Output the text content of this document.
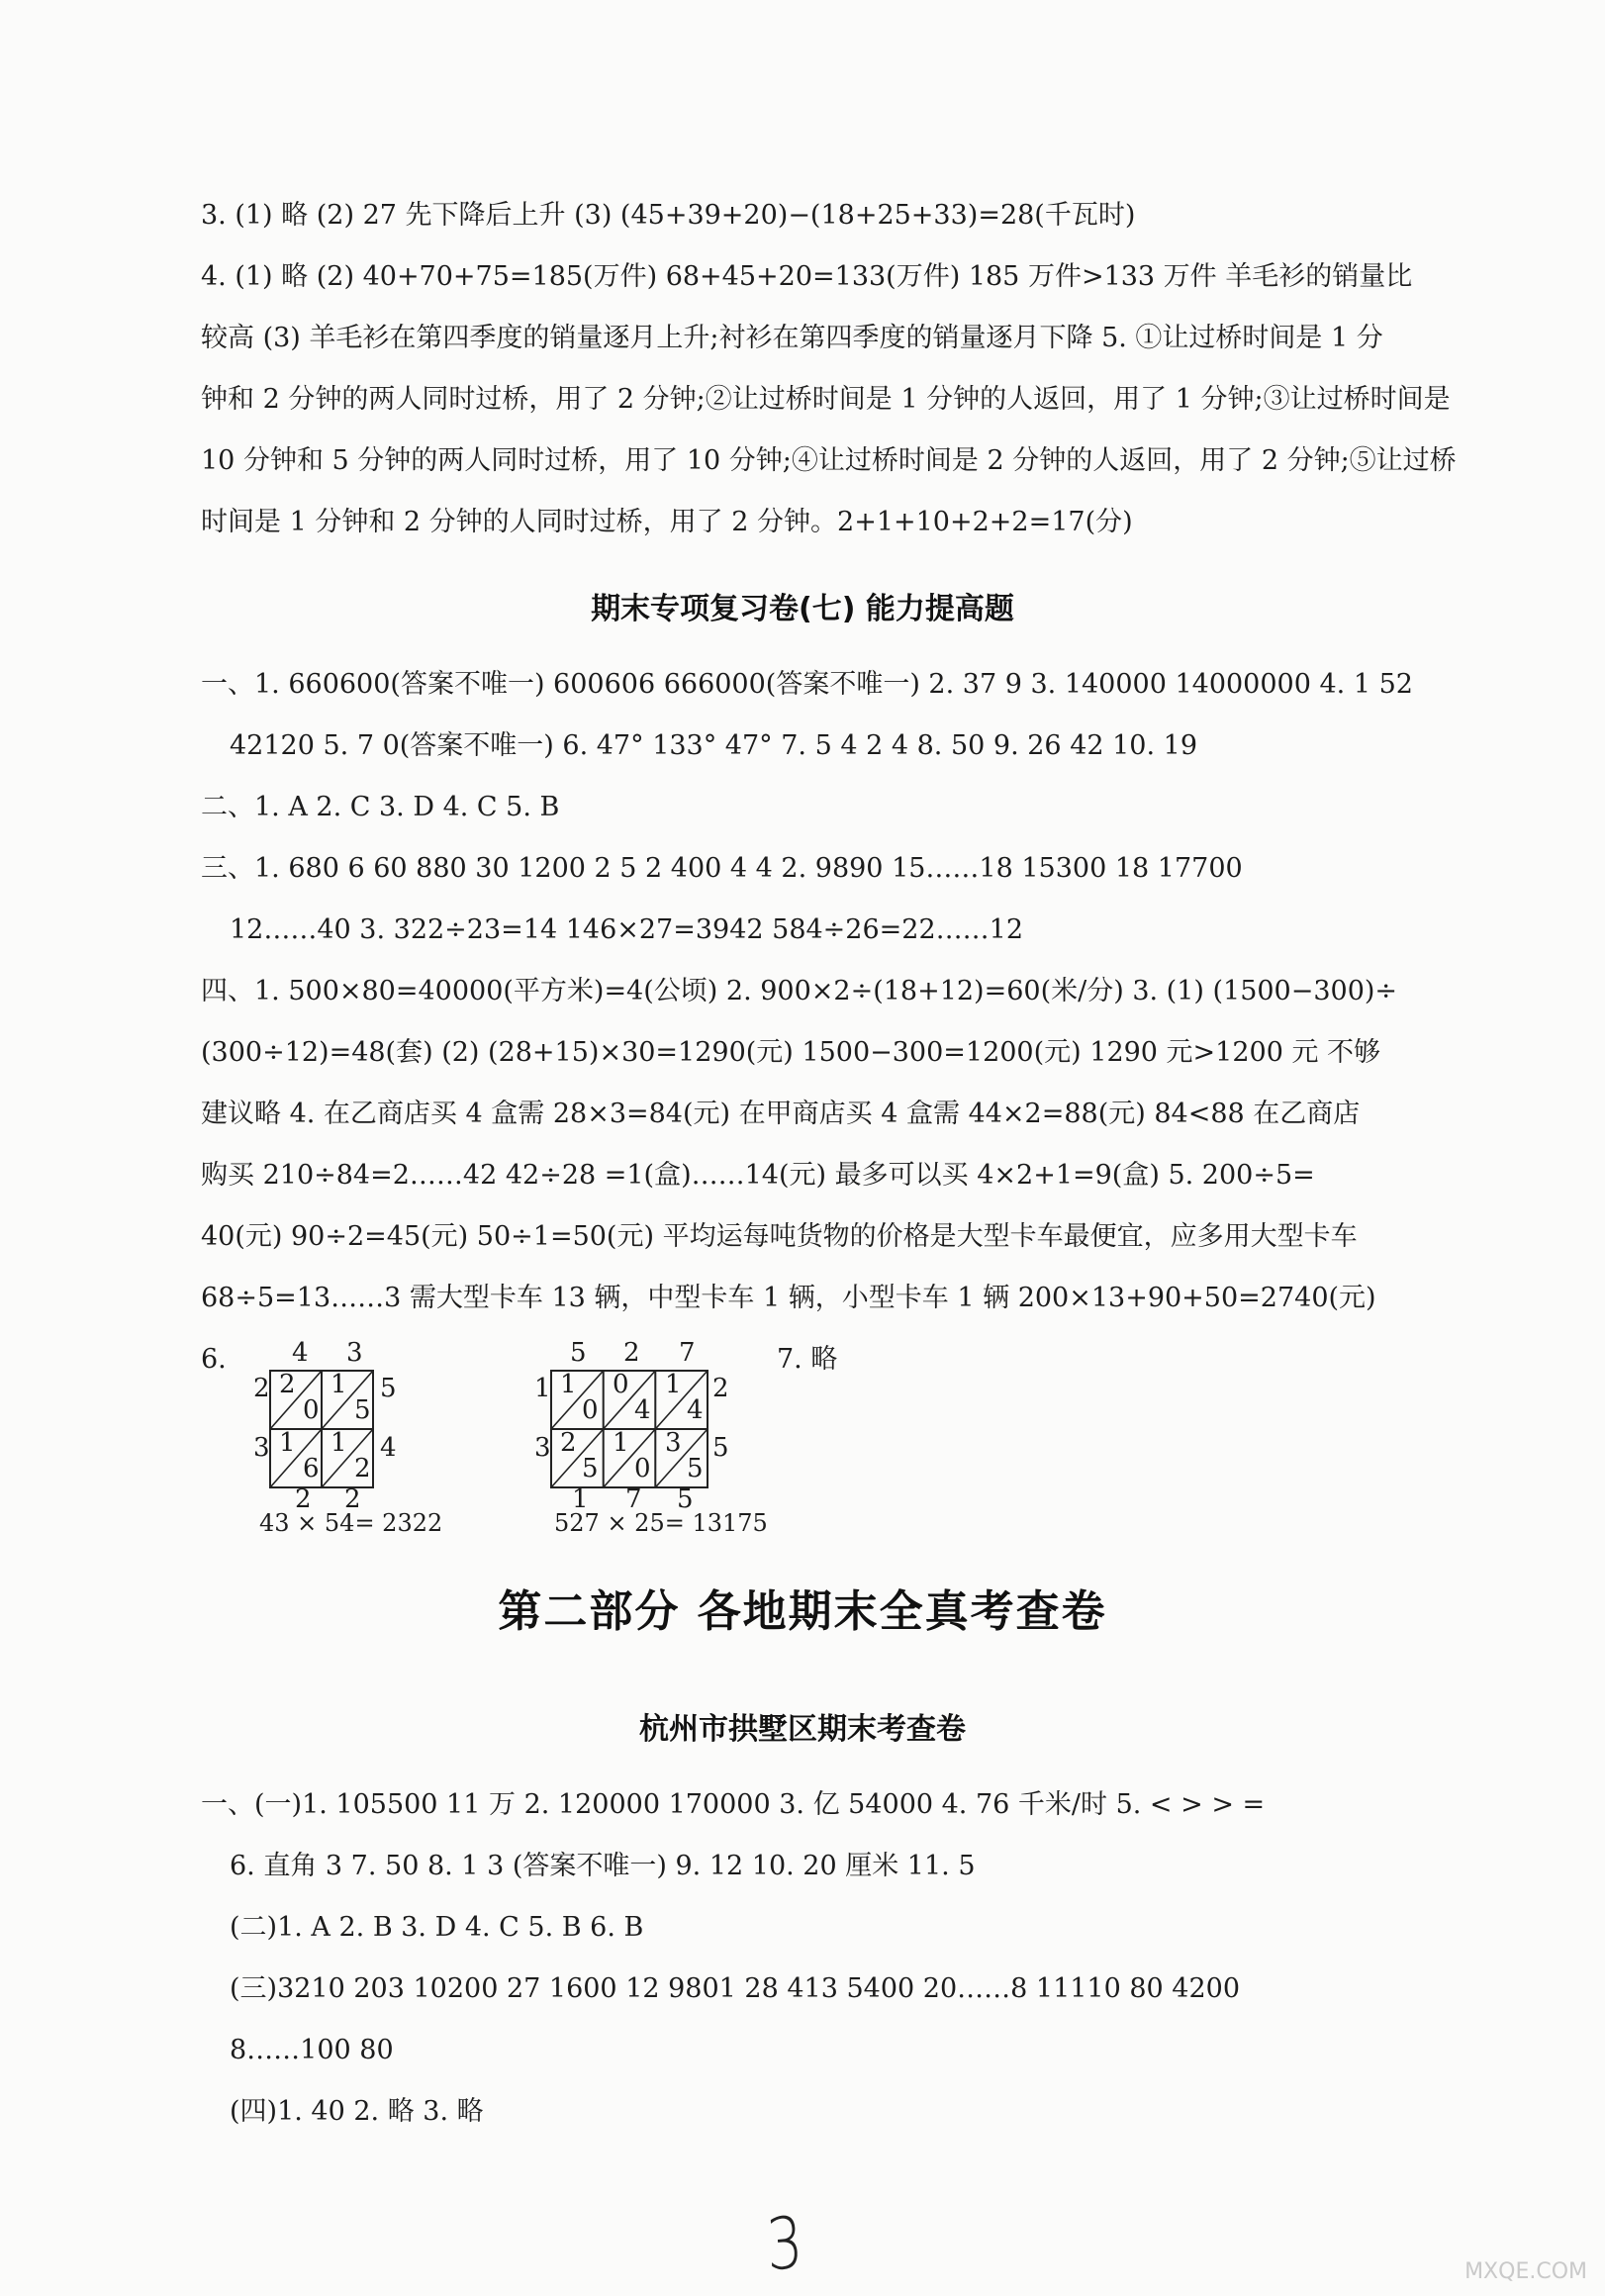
3. (1) 略 (2) 27 先下降后上升 (3) (45+39+20)−(18+25+33)=28(千瓦时)
4. (1) 略 (2) 40+70+75=185(万件) 68+45+20=133(万件) 185 万件>133 万件 羊毛衫的销量比
较高 (3) 羊毛衫在第四季度的销量逐月上升;衬衫在第四季度的销量逐月下降 5. ①让过桥时间是 1 分
钟和 2 分钟的两人同时过桥，用了 2 分钟;②让过桥时间是 1 分钟的人返回，用了 1 分钟;③让过桥时间是
10 分钟和 5 分钟的两人同时过桥，用了 10 分钟;④让过桥时间是 2 分钟的人返回，用了 2 分钟;⑤让过桥
时间是 1 分钟和 2 分钟的人同时过桥，用了 2 分钟。2+1+10+2+2=17(分)
期末专项复习卷(七) 能力提高题
一、1. 660600(答案不唯一) 600606 666000(答案不唯一) 2. 37 9 3. 140000 14000000 4. 1 52
42120 5. 7 0(答案不唯一) 6. 47° 133° 47° 7. 5 4 2 4 8. 50 9. 26 42 10. 19
二、1. A 2. C 3. D 4. C 5. B
三、1. 680 6 60 880 30 1200 2 5 2 400 4 4 2. 9890 15……18 15300 18 17700
12……40 3. 322÷23=14 146×27=3942 584÷26=22……12
四、1. 500×80=40000(平方米)=4(公顷) 2. 900×2÷(18+12)=60(米/分) 3. (1) (1500−300)÷
(300÷12)=48(套) (2) (28+15)×30=1290(元) 1500−300=1200(元) 1290 元>1200 元 不够
建议略 4. 在乙商店买 4 盒需 28×3=84(元) 在甲商店买 4 盒需 44×2=88(元) 84<88 在乙商店
购买 210÷84=2……42 42÷28 =1(盒)……14(元) 最多可以买 4×2+1=9(盒) 5. 200÷5=
40(元) 90÷2=45(元) 50÷1=50(元) 平均运每吨货物的价格是大型卡车最便宜，应多用大型卡车
68÷5=13……3 需大型卡车 13 辆，中型卡车 1 辆，小型卡车 1 辆 200×13+90+50=2740(元)
6.	7. 略
4 3
2
3
5
4
2
0
1
5
1
6
1
2
2 2
43 × 54= 2322
5 2 7
1
3
2
5
1
0
0
4
1
4
2
5
1
0
3
5
1 7 5
527 × 25= 13175
第二部分 各地期末全真考查卷
杭州市拱墅区期末考查卷
一、(一)1. 105500 11 万 2. 120000 170000 3. 亿 54000 4. 76 千米/时 5. < > > =
6. 直角 3 7. 50 8. 1 3 (答案不唯一) 9. 12 10. 20 厘米 11. 5
(二)1. A 2. B 3. D 4. C 5. B 6. B
(三)3210 203 10200 27 1600 12 9801 28 413 5400 20……8 11110 80 4200
8……100 80
(四)1. 40 2. 略 3. 略
3	MXQE.COM
